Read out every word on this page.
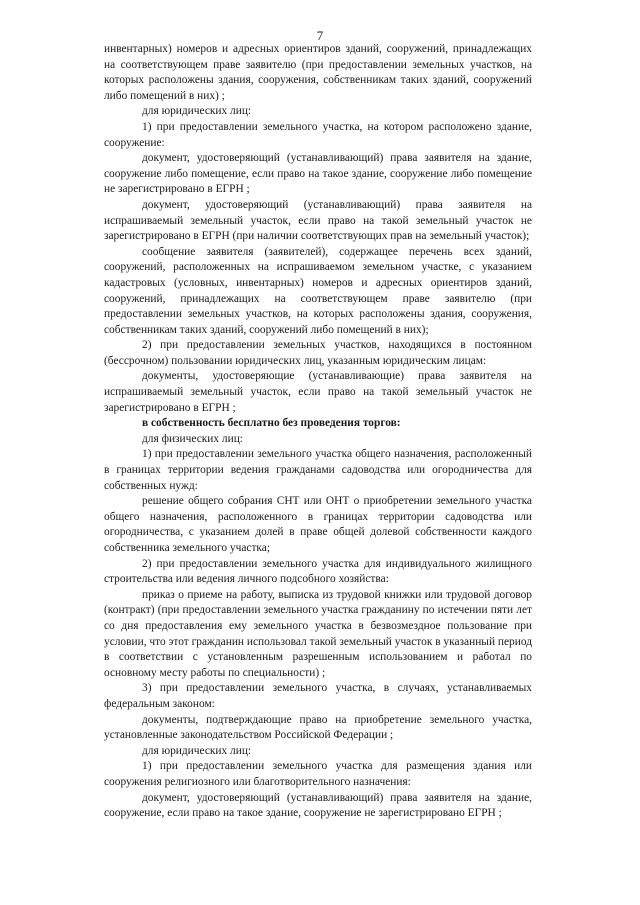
7

инвентарных) номеров и адресных ориентиров зданий, сооружений, принадлежащих на соответствующем праве заявителю (при предоставлении земельных участков, на которых расположены здания, сооружения, собственникам таких зданий, сооружений либо помещений в них) ;

для юридических лиц:

1) при предоставлении земельного участка, на котором расположено здание, сооружение:

документ, удостоверяющий (устанавливающий) права заявителя на здание, сооружение либо помещение, если право на такое здание, сооружение либо помещение не зарегистрировано в ЕГРН ;

документ, удостоверяющий (устанавливающий) права заявителя на испрашиваемый земельный участок, если право на такой земельный участок не зарегистрировано в ЕГРН (при наличии соответствующих прав на земельный участок);

сообщение заявителя (заявителей), содержащее перечень всех зданий, сооружений, расположенных на испрашиваемом земельном участке, с указанием кадастровых (условных, инвентарных) номеров и адресных ориентиров зданий, сооружений, принадлежащих на соответствующем праве заявителю (при предоставлении земельных участков, на которых расположены здания, сооружения, собственникам таких зданий, сооружений либо помещений в них);

2) при предоставлении земельных участков, находящихся в постоянном (бессрочном) пользовании юридических лиц, указанным юридическим лицам:

документы, удостоверяющие (устанавливающие) права заявителя на испрашиваемый земельный участок, если право на такой земельный участок не зарегистрировано в ЕГРН ;

в собственность бесплатно без проведения торгов:

для физических лиц:

1) при предоставлении земельного участка общего назначения, расположенный в границах территории ведения гражданами садоводства или огородничества для собственных нужд:

решение общего собрания СНТ или ОНТ о приобретении земельного участка общего назначения, расположенного в границах территории садоводства или огородничества, с указанием долей в праве общей долевой собственности каждого собственника земельного участка;

2) при предоставлении земельного участка для индивидуального жилищного строительства или ведения личного подсобного хозяйства:

приказ о приеме на работу, выписка из трудовой книжки или трудовой договор (контракт) (при предоставлении земельного участка гражданину по истечении пяти лет со дня предоставления ему земельного участка в безвозмездное пользование при условии, что этот гражданин использовал такой земельный участок в указанный период в соответствии с установленным разрешенным использованием и работал по основному месту работы по специальности) ;

3) при предоставлении земельного участка, в случаях, устанавливаемых федеральным законом:

документы, подтверждающие право на приобретение земельного участка, установленные законодательством Российской Федерации ;

для юридических лиц:

1) при предоставлении земельного участка для размещения здания или сооружения религиозного или благотворительного назначения:

документ, удостоверяющий (устанавливающий) права заявителя на здание, сооружение, если право на такое здание, сооружение не зарегистрировано ЕГРН ;
